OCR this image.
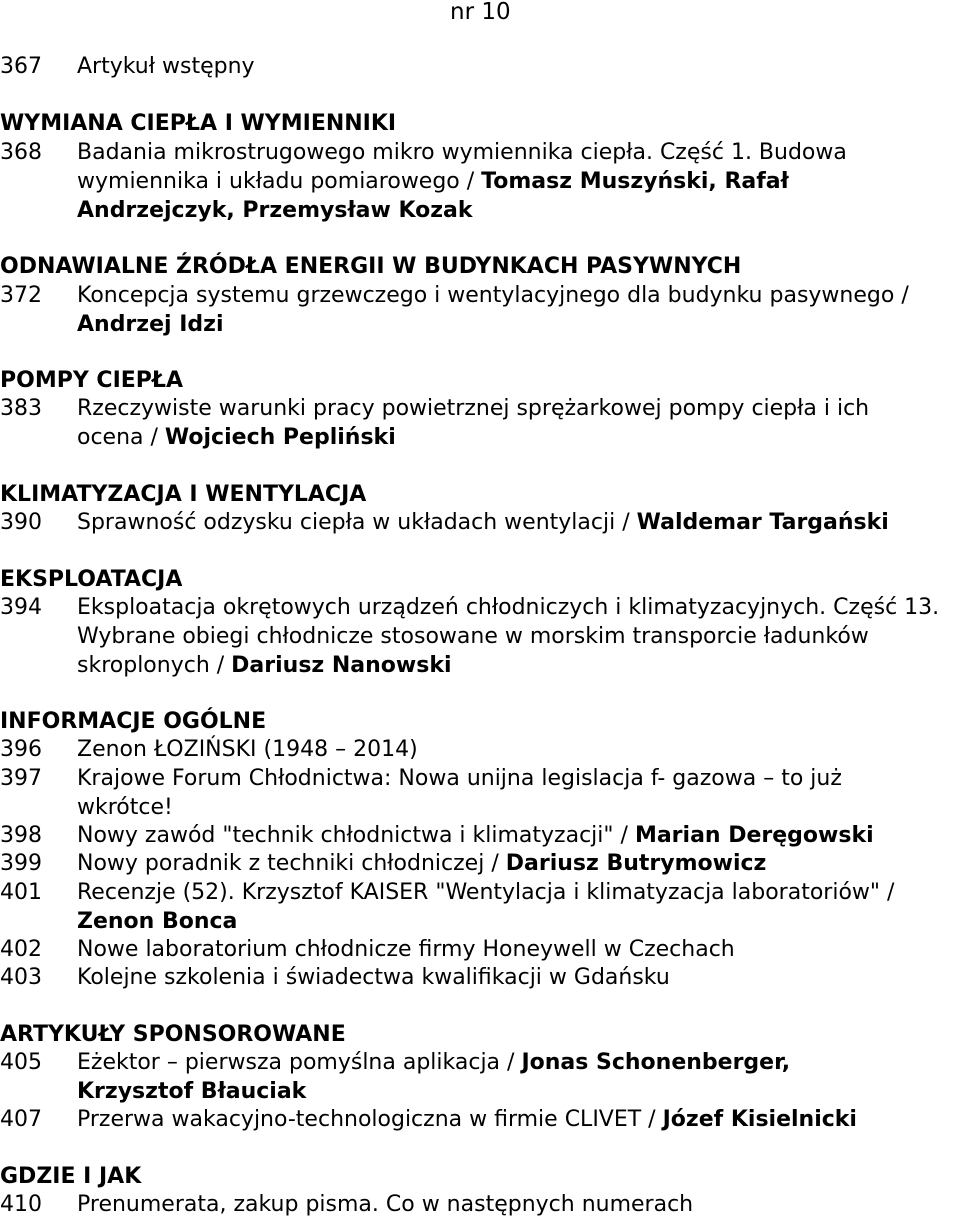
nr 10
367	Artykuł wstępny
WYMIANA CIEPŁA I WYMIENNIKI
368	Badania mikrostrugowego mikro wymiennika ciepła. Część 1. Budowa
wymiennika i układu pomiarowego / Tomasz Muszyński, Rafał
Andrzejczyk, Przemysław Kozak
ODNAWIALNE ŹRÓDŁA ENERGII W BUDYNKACH PASYWNYCH
372	Koncepcja systemu grzewczego i wentylacyjnego dla budynku pasywnego /
Andrzej Idzi
POMPY CIEPŁA
383	Rzeczywiste warunki pracy powietrznej sprężarkowej pompy ciepła i ich
ocena / Wojciech Pepliński
KLIMATYZACJA I WENTYLACJA
390	Sprawność odzysku ciepła w układach wentylacji / Waldemar Targański
EKSPLOATACJA
394	Eksploatacja okrętowych urządzeń chłodniczych i klimatyzacyjnych. Część 13.
Wybrane obiegi chłodnicze stosowane w morskim transporcie ładunków
skroplonych / Dariusz Nanowski
INFORMACJE OGÓLNE
396	Zenon ŁOZIŃSKI (1948 – 2014)
397	Krajowe Forum Chłodnictwa: Nowa unijna legislacja f- gazowa – to już
wkrótce!
398	Nowy zawód "technik chłodnictwa i klimatyzacji" / Marian Deręgowski
399	Nowy poradnik z techniki chłodniczej / Dariusz Butrymowicz
401	Recenzje (52). Krzysztof KAISER "Wentylacja i klimatyzacja laboratoriów" /
Zenon Bonca
402	Nowe laboratorium chłodnicze firmy Honeywell w Czechach
403	Kolejne szkolenia i świadectwa kwalifikacji w Gdańsku
ARTYKUŁY SPONSOROWANE
405	Eżektor – pierwsza pomyślna aplikacja / Jonas Schonenberger,
Krzysztof Błauciak
407	Przerwa wakacyjno-technologiczna w firmie CLIVET / Józef Kisielnicki
GDZIE I JAK
410	Prenumerata, zakup pisma. Co w następnych numerach
